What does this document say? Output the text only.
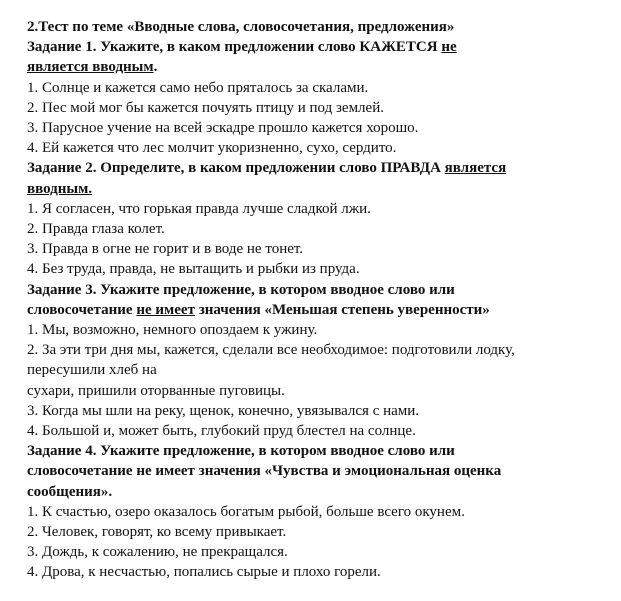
2.Тест по теме «Вводные слова, словосочетания, предложения»
Задание 1. Укажите, в каком предложении слово КАЖЕТСЯ не
является вводным.
1. Солнце и кажется само небо пряталось за скалами.
2. Пес мой мог бы кажется почуять птицу и под землей.
3. Парусное учение на всей эскадре прошло кажется хорошо.
4. Ей кажется что лес молчит укоризненно, сухо, сердито.
Задание 2. Определите, в каком предложении слово ПРАВДА является
вводным.
1. Я согласен, что горькая правда лучше сладкой лжи.
2. Правда глаза колет.
3. Правда в огне не горит и в воде не тонет.
4. Без труда, правда, не вытащить и рыбки из пруда.
Задание 3. Укажите предложение, в котором вводное слово или
словосочетание не имеет значения «Меньшая степень уверенности»
1. Мы, возможно, немного опоздаем к ужину.
2. За эти три дня мы, кажется, сделали все необходимое: подготовили лодку,
пересушили хлеб на
сухари, пришили оторванные пуговицы.
3. Когда мы шли на реку, щенок, конечно, увязывался с нами.
4. Большой и, может быть, глубокий пруд блестел на солнце.
Задание 4. Укажите предложение, в котором вводное слово или
словосочетание не имеет значения «Чувства и эмоциональная оценка
сообщения».
1. К счастью, озеро оказалось богатым рыбой, больше всего окунем.
2. Человек, говорят, ко всему привыкает.
3. Дождь, к сожалению, не прекращался.
4. Дрова, к несчастью, попались сырые и плохо горели.
